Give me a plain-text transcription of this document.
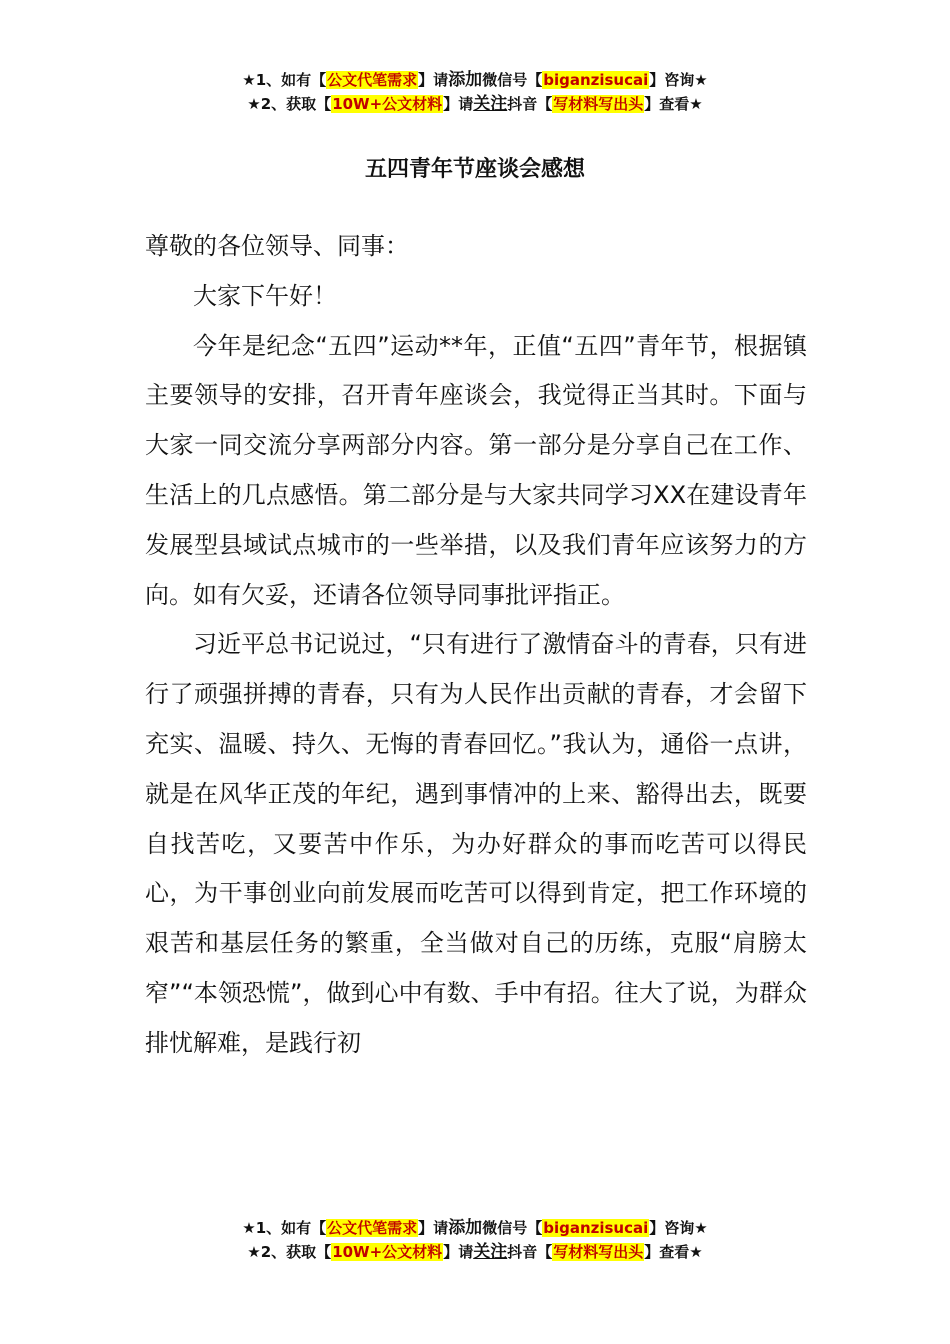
★1、如有【公文代笔需求】请添加微信号【biganzisucai】咨询★
★2、获取【10W+公文材料】请关注抖音【写材料写出头】查看★
五四青年节座谈会感想

尊敬的各位领导、同事：

大家下午好！

今年是纪念“五四”运动**年，正值“五四”青年节，根据镇主要领导的安排，召开青年座谈会，我觉得正当其时。下面与大家一同交流分享两部分内容。第一部分是分享自己在工作、生活上的几点感悟。第二部分是与大家共同学习XX在建设青年发展型县域试点城市的一些举措，以及我们青年应该努力的方向。如有欠妥，还请各位领导同事批评指正。

习近平总书记说过，“只有进行了激情奋斗的青春，只有进行了顽强拼搏的青春，只有为人民作出贡献的青春，才会留下充实、温暖、持久、无悔的青春回忆。”我认为，通俗一点讲，就是在风华正茂的年纪，遇到事情冲的上来、豁得出去，既要自找苦吃，又要苦中作乐，为办好群众的事而吃苦可以得民心，为干事创业向前发展而吃苦可以得到肯定，把工作环境的艰苦和基层任务的繁重，全当做对自己的历练，克服“肩膀太窄”“本领恐慌”，做到心中有数、手中有招。往大了说，为群众排忧解难，是践行初

★1、如有【公文代笔需求】请添加微信号【biganzisucai】咨询★
★2、获取【10W+公文材料】请关注抖音【写材料写出头】查看★
